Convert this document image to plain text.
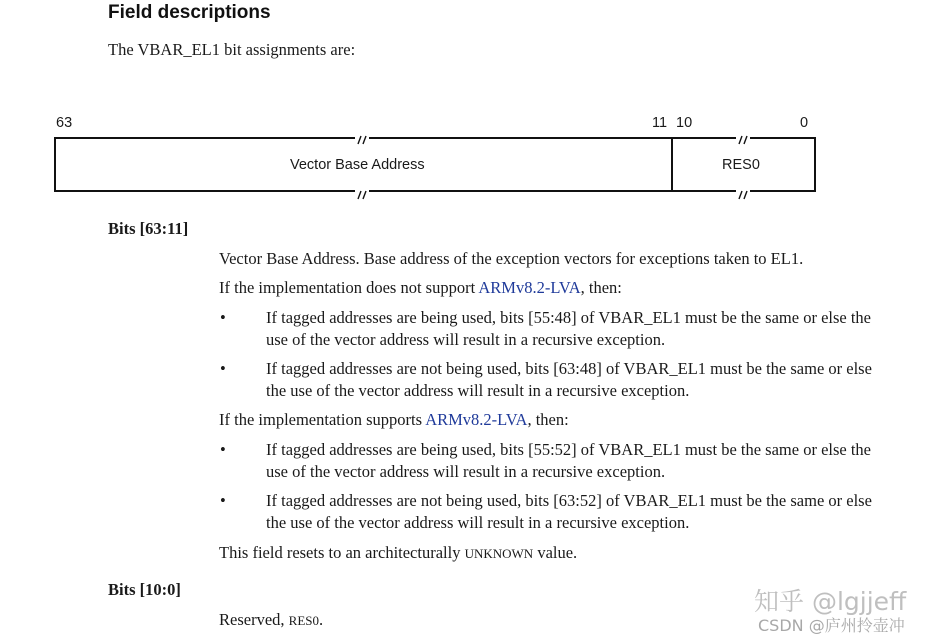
Field descriptions
The VBAR_EL1 bit assignments are:
63	11 10	0
Vector Base Address	RES0
Bits [63:11]
Vector Base Address. Base address of the exception vectors for exceptions taken to EL1.
If the implementation does not support ARMv8.2-LVA, then:
• If tagged addresses are being used, bits [55:48] of VBAR_EL1 must be the same or else the
use of the vector address will result in a recursive exception.
• If tagged addresses are not being used, bits [63:48] of VBAR_EL1 must be the same or else
the use of the vector address will result in a recursive exception.
If the implementation supports ARMv8.2-LVA, then:
• If tagged addresses are being used, bits [55:52] of VBAR_EL1 must be the same or else the
use of the vector address will result in a recursive exception.
• If tagged addresses are not being used, bits [63:52] of VBAR_EL1 must be the same or else
the use of the vector address will result in a recursive exception.
This field resets to an architecturally UNKNOWN value.
Bits [10:0]
Reserved, RES0.
知乎 @lgjjeff
CSDN @庐州拎壶冲
